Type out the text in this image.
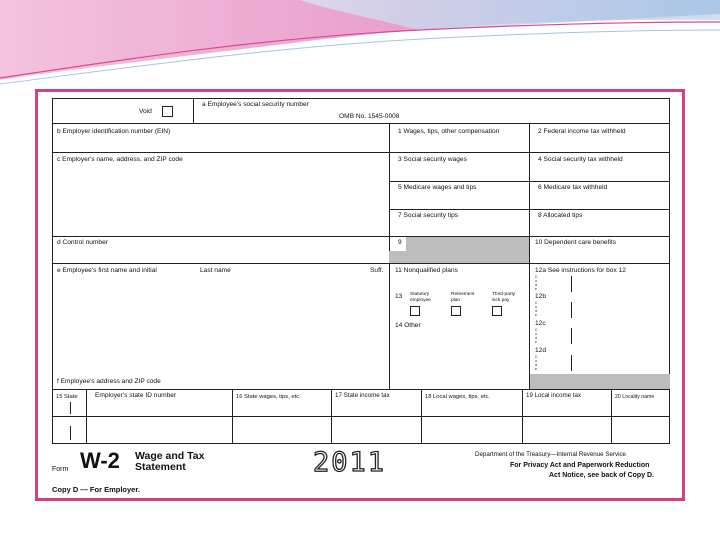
Void
a Employee's social security number
OMB No. 1545-0008
b Employer identification number (EIN)
c Employer's name, address, and ZIP code
d Control number
e Employee's first name and initial	Last name	Suff.
f Employee's address and ZIP code
1 Wages, tips, other compensation	2 Federal income tax withheld
3 Social security wages	4 Social security tax withheld
5 Medicare wages and tips	6 Medicare tax withheld
7 Social security tips	8 Allocated tips
9	10 Dependent care benefits
11 Nonqualified plans	12a See instructions for box 12
C
o
d
e
12b
C
o
d
e
12c
C
o
d
e
12d
C
o
d
e
13 Statutory employee
Retirement plan
Third-party sick pay
14 Other
15 State	Employer's state ID number	16 State wages, tips, etc.	17 State income tax	18 Local wages, tips, etc.	19 Local income tax	20 Locality name
Form W-2 Wage and Tax
Statement	2011	Department of the Treasury—Internal Revenue Service
For Privacy Act and Paperwork Reduction
Act Notice, see back of Copy D.
Copy D — For Employer.
